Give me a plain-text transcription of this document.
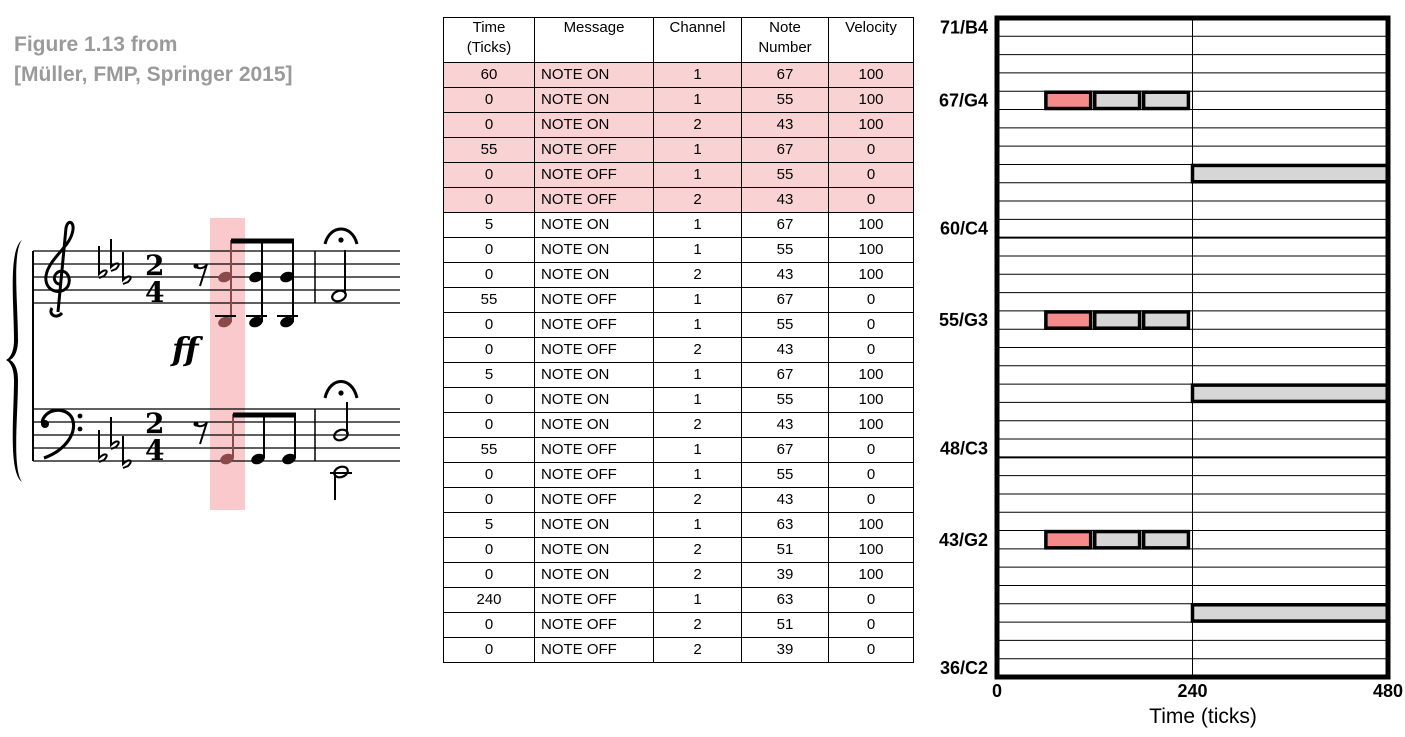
Figure 1.13 from
[Müller, FMP, Springer 2015]
2
4
ff
2
4
Time
(Ticks)	Message	Channel	Note
Number	Velocity
60	NOTE ON	1	67	100
0	NOTE ON	1	55	100
0	NOTE ON	2	43	100
55	NOTE OFF	1	67	0
0	NOTE OFF	1	55	0
0	NOTE OFF	2	43	0
5	NOTE ON	1	67	100
0	NOTE ON	1	55	100
0	NOTE ON	2	43	100
55	NOTE OFF	1	67	0
0	NOTE OFF	1	55	0
0	NOTE OFF	2	43	0
5	NOTE ON	1	67	100
0	NOTE ON	1	55	100
0	NOTE ON	2	43	100
55	NOTE OFF	1	67	0
0	NOTE OFF	1	55	0
0	NOTE OFF	2	43	0
5	NOTE ON	1	63	100
0	NOTE ON	2	51	100
0	NOTE ON	2	39	100
240	NOTE OFF	1	63	0
0	NOTE OFF	2	51	0
0	NOTE OFF	2	39	0
71/B4
67/G4
60/C4
55/G3
48/C3
43/G2
36/C2
0	240	480
Time (ticks)
